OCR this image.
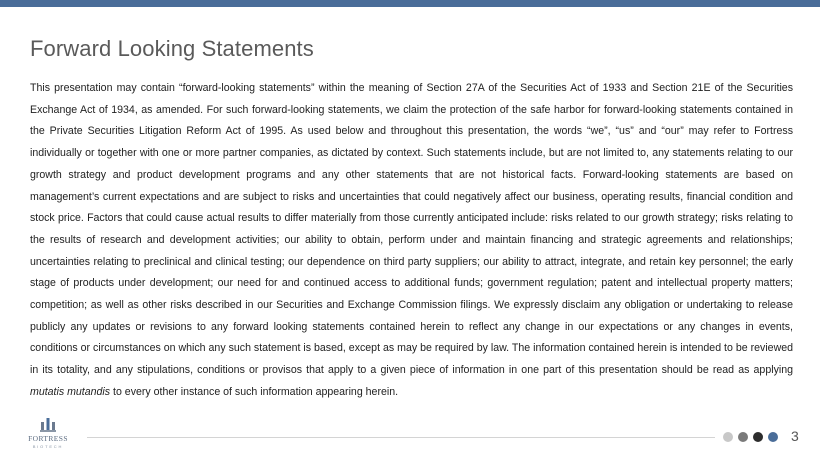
Forward Looking Statements

This presentation may contain “forward-looking statements” within the meaning of Section 27A of the Securities Act of 1933 and Section 21E of the Securities Exchange Act of 1934, as amended. For such forward-looking statements, we claim the protection of the safe harbor for forward-looking statements contained in the Private Securities Litigation Reform Act of 1995. As used below and throughout this presentation, the words “we”, “us” and “our” may refer to Fortress individually or together with one or more partner companies, as dictated by context. Such statements include, but are not limited to, any statements relating to our growth strategy and product development programs and any other statements that are not historical facts. Forward-looking statements are based on management’s current expectations and are subject to risks and uncertainties that could negatively affect our business, operating results, financial condition and stock price. Factors that could cause actual results to differ materially from those currently anticipated include: risks related to our growth strategy; risks relating to the results of research and development activities; our ability to obtain, perform under and maintain financing and strategic agreements and relationships; uncertainties relating to preclinical and clinical testing; our dependence on third party suppliers; our ability to attract, integrate, and retain key personnel; the early stage of products under development; our need for and continued access to additional funds; government regulation; patent and intellectual property matters; competition; as well as other risks described in our Securities and Exchange Commission filings. We expressly disclaim any obligation or undertaking to release publicly any updates or revisions to any forward looking statements contained herein to reflect any change in our expectations or any changes in events, conditions or circumstances on which any such statement is based, except as may be required by law. The information contained herein is intended to be reviewed in its totality, and any stipulations, conditions or provisos that apply to a given piece of information in one part of this presentation should be read as applying mutatis mutandis to every other instance of such information appearing herein.

FORTRESS
BIOTECH
3
